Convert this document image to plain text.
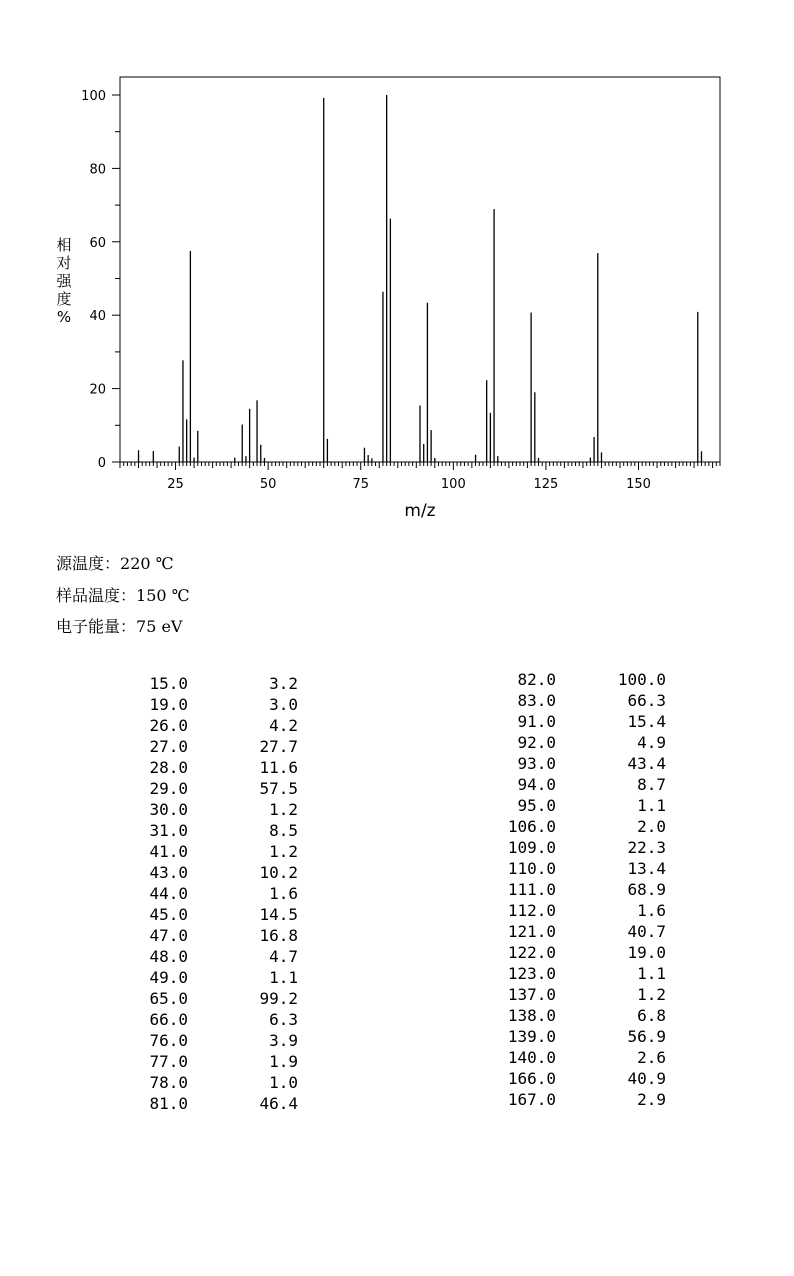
25	50	75	100	125	150
0
20
40
60
80
100
m/z
相
对
强
度
%
源温度：220 ℃
样品温度：150 ℃
电子能量：75 eV
15.0	3.2
19.0	3.0
26.0	4.2
27.0	27.7
28.0	11.6
29.0	57.5
30.0	1.2
31.0	8.5
41.0	1.2
43.0	10.2
44.0	1.6
45.0	14.5
47.0	16.8
48.0	4.7
49.0	1.1
65.0	99.2
66.0	6.3
76.0	3.9
77.0	1.9
78.0	1.0
81.0	46.4
82.0	100.0
83.0	66.3
91.0	15.4
92.0	4.9
93.0	43.4
94.0	8.7
95.0	1.1
106.0	2.0
109.0	22.3
110.0	13.4
111.0	68.9
112.0	1.6
121.0	40.7
122.0	19.0
123.0	1.1
137.0	1.2
138.0	6.8
139.0	56.9
140.0	2.6
166.0	40.9
167.0	2.9
